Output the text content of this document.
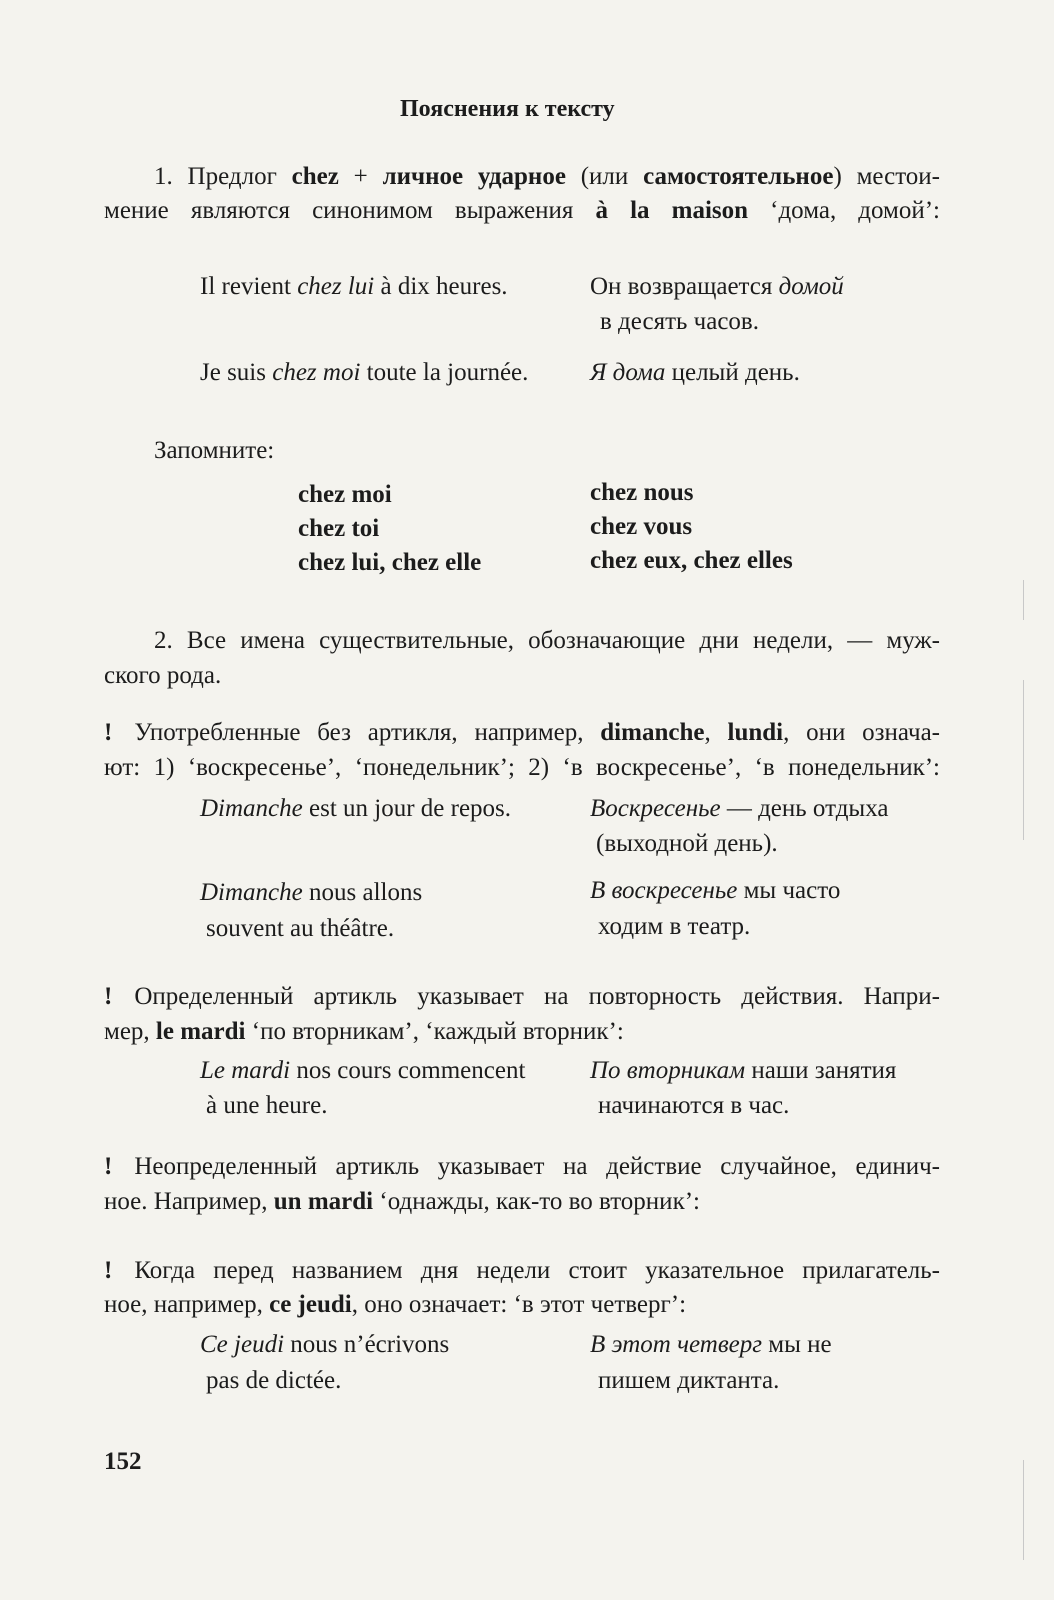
Пояснения к тексту
1. Предлог chez + личное ударное (или самостоятельное) местои-
мение являются синонимом выражения à la maison ‘дома, домой’:
Il revient chez lui à dix heures.	Он возвращается домой
в десять часов.
Je suis chez moi toute la journée. Я дома целый день.
Запомните:
chez moi
chez toi
chez lui, chez elle
chez nous
chez vous
chez eux, chez elles
2. Все имена существительные, обозначающие дни недели, — муж-
ского рода.
! Употребленные без артикля, например, dimanche, lundi, они означа-
ют: 1) ‘воскресенье’, ‘понедельник’; 2) ‘в воскресенье’, ‘в понедельник’:
Dimanche est un jour de repos.	Воскресенье — день отдыха
(выходной день).
Dimanche nous allons
souvent au théâtre.
В воскресенье мы часто
ходим в театр.
! Определенный артикль указывает на повторность действия. Напри-
мер, le mardi ‘по вторникам’, ‘каждый вторник’:
Le mardi nos cours commencent
à une heure.
По вторникам наши занятия
начинаются в час.
! Неопределенный артикль указывает на действие случайное, единич-
ное. Например, un mardi ‘однажды, как-то во вторник’:
! Когда перед названием дня недели стоит указательное прилагатель-
ное, например, ce jeudi, оно означает: ‘в этот четверг’:
Ce jeudi nous n’écrivons
pas de dictée.
В этот четверг мы не
пишем диктанта.
152
